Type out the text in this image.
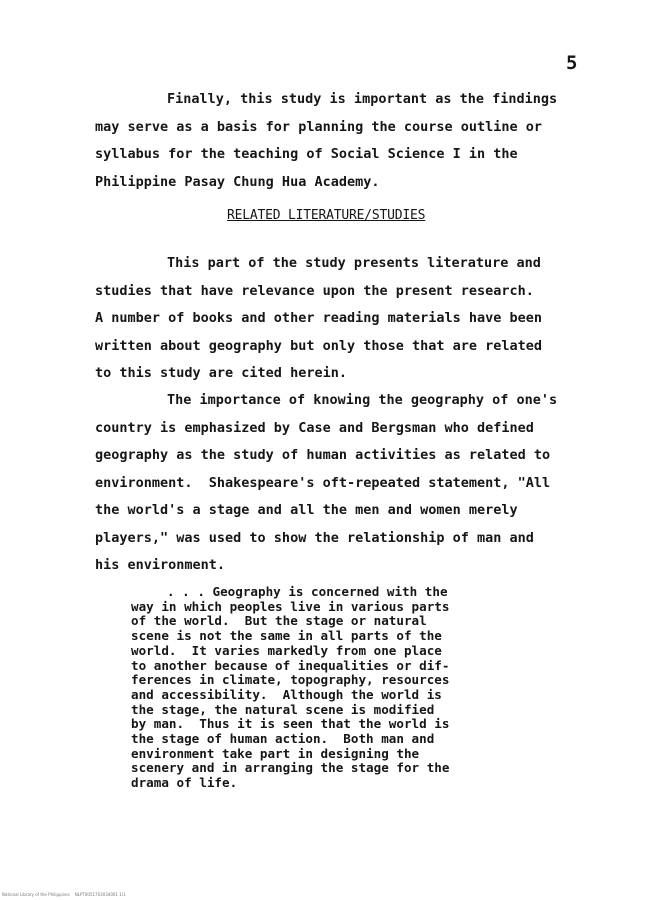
5

Finally, this study is important as the findings
may serve as a basis for planning the course outline or
syllabus for the teaching of Social Science I in the
Philippine Pasay Chung Hua Academy.

RELATED LITERATURE/STUDIES

This part of the study presents literature and
studies that have relevance upon the present research.
A number of books and other reading materials have been
written about geography but only those that are related
to this study are cited herein.

The importance of knowing the geography of one's
country is emphasized by Case and Bergsman who defined
geography as the study of human activities as related to
environment.  Shakespeare's oft-repeated statement, "All
the world's a stage and all the men and women merely
players," was used to show the relationship of man and
his environment.

. . . Geography is concerned with the
way in which peoples live in various parts
of the world.  But the stage or natural
scene is not the same in all parts of the
world.  It varies markedly from one place
to another because of inequalities or dif-
ferences in climate, topography, resources
and accessibility.  Although the world is
the stage, the natural scene is modified
by man.  Thus it is seen that the world is
the stage of human action.  Both man and
environment take part in designing the
scenery and in arranging the stage for the
drama of life.

National Library of the Philippines    NLPT0051703034001 1/1
